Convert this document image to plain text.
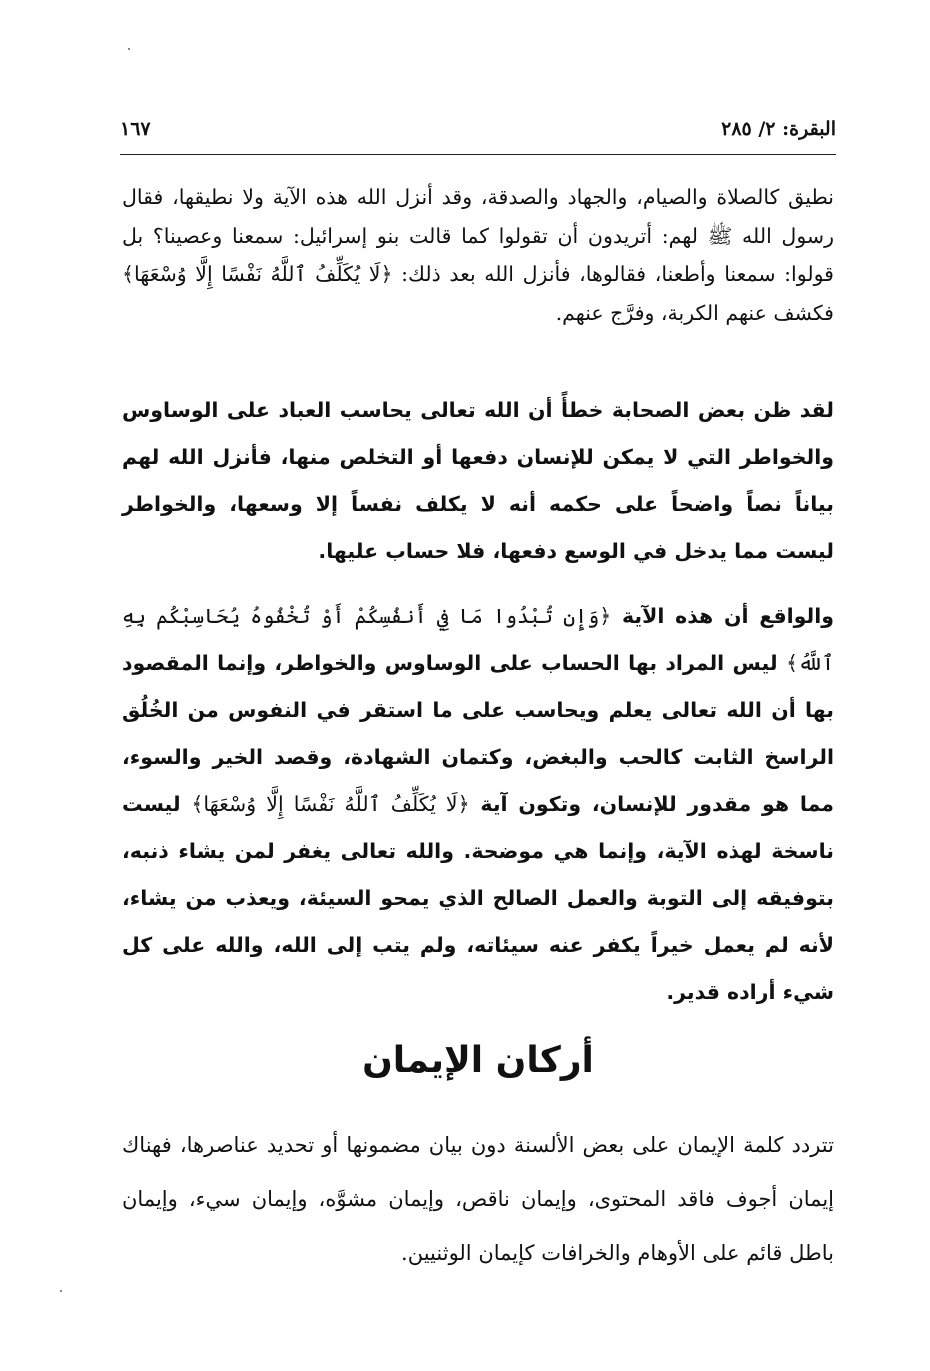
البقرة: ٢/ ٢٨٥
١٦٧

نطيق كالصلاة والصيام، والجهاد والصدقة، وقد أنزل الله هذه الآية ولا نطيقها، فقال رسول الله ﷺ لهم: أتريدون أن تقولوا كما قالت بنو إسرائيل: سمعنا وعصينا؟ بل قولوا: سمعنا وأطعنا، فقالوها، فأنزل الله بعد ذلك: ﴿لَا يُكَلِّفُ ٱللَّهُ نَفْسًا إِلَّا وُسْعَهَا﴾ فكشف عنهم الكربة، وفرَّج عنهم.

لقد ظن بعض الصحابة خطأً أن الله تعالى يحاسب العباد على الوساوس والخواطر التي لا يمكن للإنسان دفعها أو التخلص منها، فأنزل الله لهم بياناً نصاً واضحاً على حكمه أنه لا يكلف نفساً إلا وسعها، والخواطر ليست مما يدخل في الوسع دفعها، فلا حساب عليها.

والواقع أن هذه الآية ﴿وَإِن تُبْدُوا مَا فِي أَنفُسِكُمْ أَوْ تُخْفُوهُ يُحَاسِبْكُم بِهِ ٱللَّهُ﴾ ليس المراد بها الحساب على الوساوس والخواطر، وإنما المقصود بها أن الله تعالى يعلم ويحاسب على ما استقر في النفوس من الخُلُق الراسخ الثابت كالحب والبغض، وكتمان الشهادة، وقصد الخير والسوء، مما هو مقدور للإنسان، وتكون آية ﴿لَا يُكَلِّفُ ٱللَّهُ نَفْسًا إِلَّا وُسْعَهَا﴾ ليست ناسخة لهذه الآية، وإنما هي موضحة. والله تعالى يغفر لمن يشاء ذنبه، بتوفيقه إلى التوبة والعمل الصالح الذي يمحو السيئة، ويعذب من يشاء، لأنه لم يعمل خيراً يكفر عنه سيئاته، ولم يتب إلى الله، والله على كل شيء أراده قدير.

أركان الإيمان

تتردد كلمة الإيمان على بعض الألسنة دون بيان مضمونها أو تحديد عناصرها، فهناك إيمان أجوف فاقد المحتوى، وإيمان ناقص، وإيمان مشوَّه، وإيمان سيء، وإيمان باطل قائم على الأوهام والخرافات كإيمان الوثنيين.
